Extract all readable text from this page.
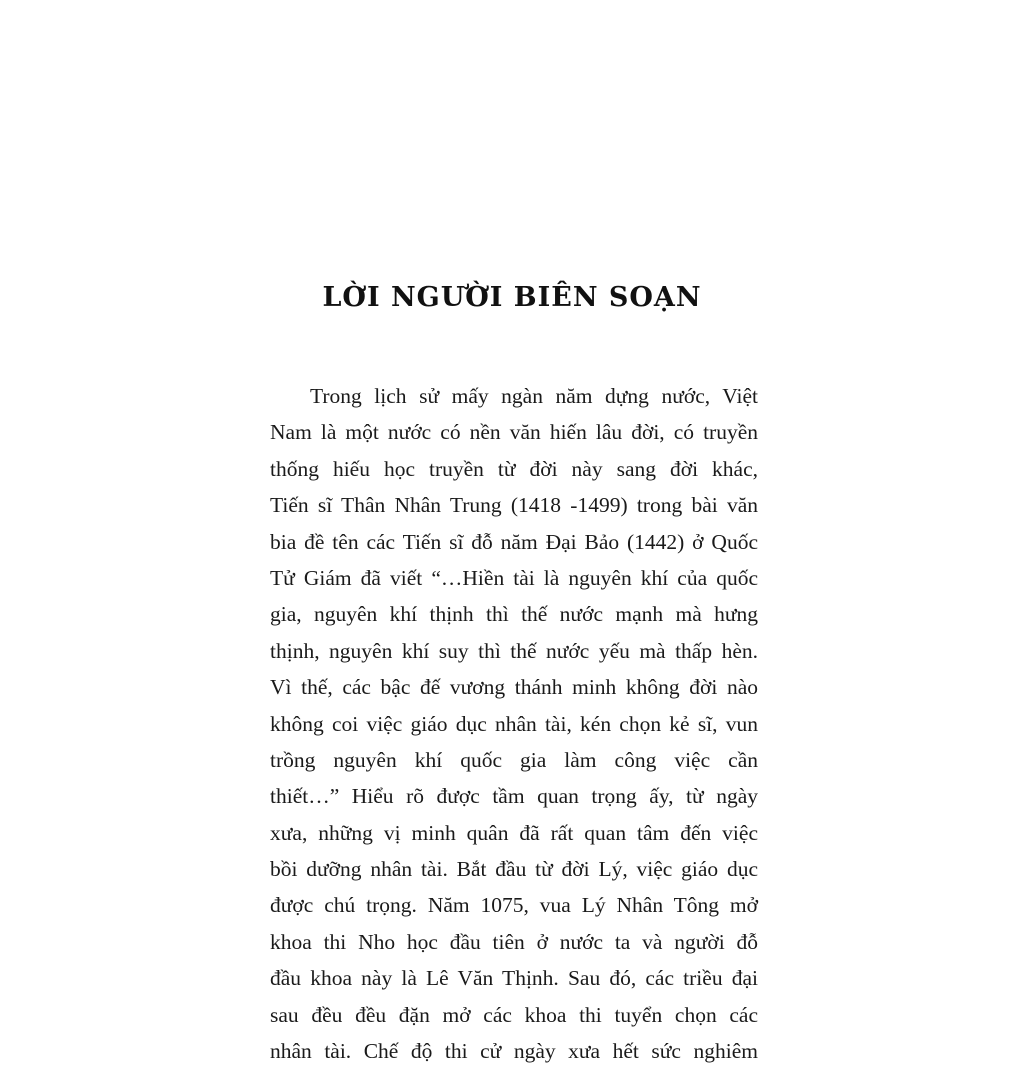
LỜI NGƯỜI BIÊN SOẠN
Trong lịch sử mấy ngàn năm dựng nước, Việt
Nam là một nước có nền văn hiến lâu đời, có truyền
thống hiếu học truyền từ đời này sang đời khác,
Tiến sĩ Thân Nhân Trung (1418 -1499) trong bài văn
bia đề tên các Tiến sĩ đỗ năm Đại Bảo (1442) ở Quốc
Tử Giám đã viết “…Hiền tài là nguyên khí của quốc
gia, nguyên khí thịnh thì thế nước mạnh mà hưng
thịnh, nguyên khí suy thì thế nước yếu mà thấp hèn.
Vì thế, các bậc đế vương thánh minh không đời nào
không coi việc giáo dục nhân tài, kén chọn kẻ sĩ, vun
trồng nguyên khí quốc gia làm công việc cần
thiết…” Hiểu rõ được tầm quan trọng ấy, từ ngày
xưa, những vị minh quân đã rất quan tâm đến việc
bồi dưỡng nhân tài. Bắt đầu từ đời Lý, việc giáo dục
được chú trọng. Năm 1075, vua Lý Nhân Tông mở
khoa thi Nho học đầu tiên ở nước ta và người đỗ
đầu khoa này là Lê Văn Thịnh. Sau đó, các triều đại
sau đều đều đặn mở các khoa thi tuyển chọn các
nhân tài. Chế độ thi cử ngày xưa hết sức nghiêm
